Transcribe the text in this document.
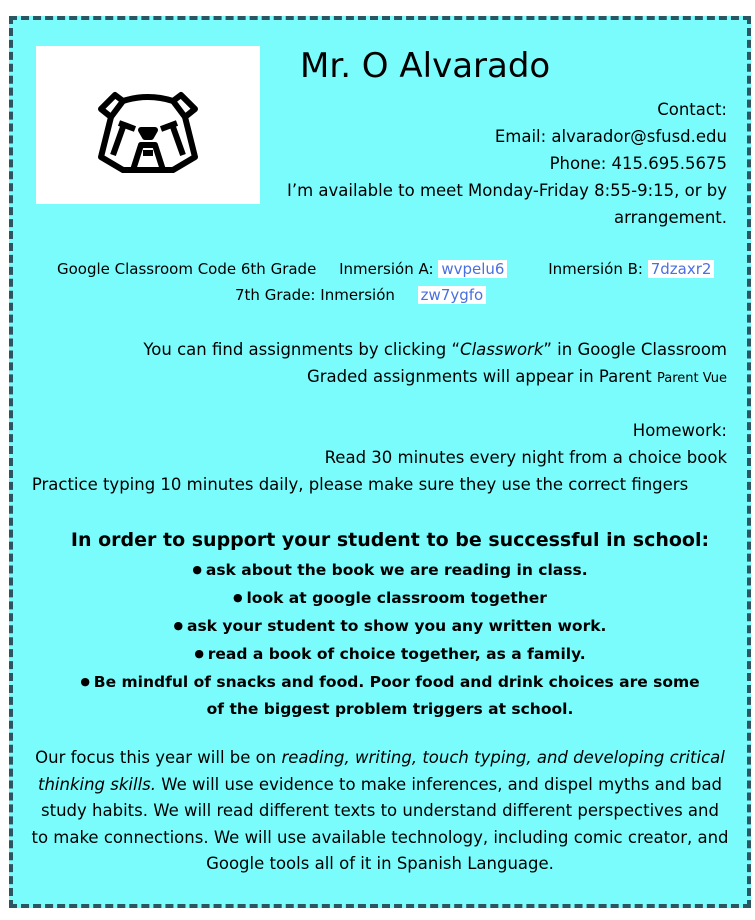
Mr. O Alvarado
Contact:
Email: alvarador@sfusd.edu
Phone: 415.695.5675
I’m available to meet Monday-Friday 8:55-9:15, or by arrangement.
Google Classroom Code 6th Grade Inmersión A: wvpelu6	Inmersión B: 7dzaxr2
7th Grade: Inmersión zw7ygfo
You can find assignments by clicking “Classwork” in Google Classroom
Graded assignments will appear in Parent Parent Vue
Homework:
Read 30 minutes every night from a choice book
Practice typing 10 minutes daily, please make sure they use the correct fingers
In order to support your student to be successful in school:
● ask about the book we are reading in class.
● look at google classroom together
● ask your student to show you any written work.
● read a book of choice together, as a family.
● Be mindful of snacks and food. Poor food and drink choices are some of the biggest problem triggers at school.
Our focus this year will be on reading, writing, touch typing, and developing critical thinking skills. We will use evidence to make inferences, and dispel myths and bad study habits. We will read different texts to understand different perspectives and to make connections. We will use available technology, including comic creator, and Google tools all of it in Spanish Language.
